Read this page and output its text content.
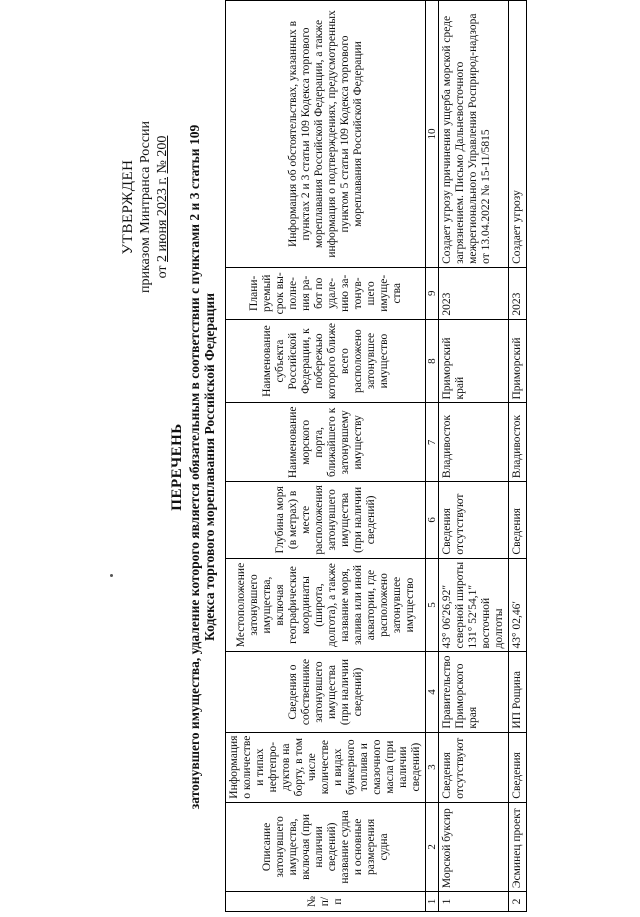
УТВЕРЖДЕН приказом Минтранса России от 2 июня 2023 г. № 200
ПЕРЕЧЕНЬ затонувшего имущества, удаление которого является обязательным в соответствии с пунктами 2 и 3 статьи 109 Кодекса торгового мореплавания Российской Федерации
№ п/п	Описание затонувшего имущества, включая (при наличии сведений) название судна и основные размерения судна	Информация о количестве и типах нефтепро-дуктов на борту, в том числе количестве и видах бункерного топлива и смазочного масла (при наличии сведений)	Сведения о собственнике затонувшего имущества (при наличии сведений)	Местоположение затонувшего имущества, включая географические координаты (широта, долгота), а также название моря, залива или иной акватории, где расположено затонувшее имущество	Глубина моря (в метрах) в месте расположения затонувшего имущества (при наличии сведений)	Наименование морского порта, ближайшего к затонувшему имуществу	Наименование субъекта Российской Федерации, к побережью которого ближе всего расположено затонувшее имущество	Плани-руемый срок вы-полне-ния ра-бот по удале-нию за-тонув-шего имуще-ства	Информация об обстоятельствах, указанных в пунктах 2 и 3 статьи 109 Кодекса торгового мореплавания Российской Федерации, а также информация о подтверждениях, предусмотренных пунктом 5 статьи 109 Кодекса торгового мореплавания Российской Федерации
1	2	3	4	5	6	7	8	9	10
1	Морской буксир	Сведения отсутствуют	Правительство Приморского края	43° 06′26,92″ северной широты 131° 52′54,1″ восточной долготы	Сведения отсутствуют	Владивосток	Приморский край	2023	Создает угрозу причинения ущерба морской среде загрязнением. Письмо Дальневосточного межрегионального Управления Росприрод-надзора от 13.04.2022 № 15-11/5815
2	Эсминец проект	Сведения	ИП Рощина	43° 02,46′	Сведения	Владивосток	Приморский	2023	Создает угрозу
